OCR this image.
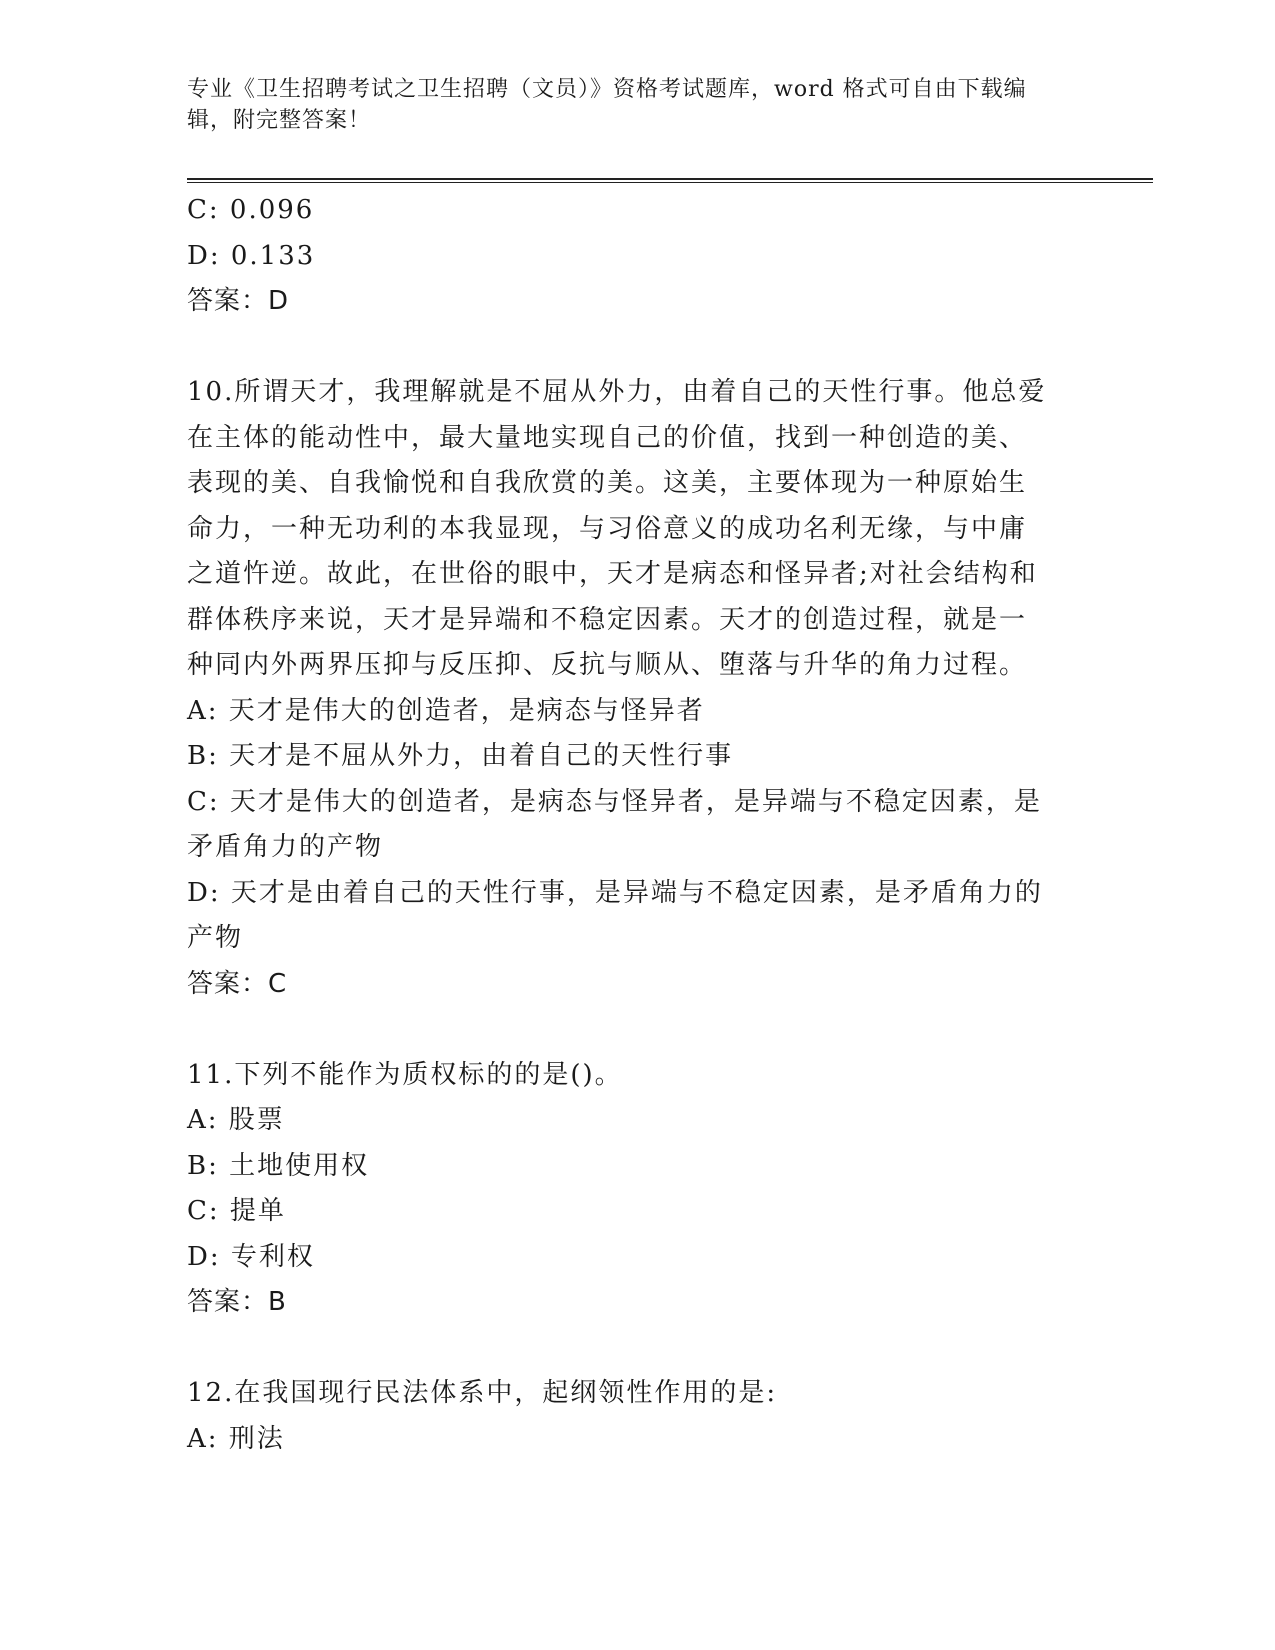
专业《卫生招聘考试之卫生招聘（文员）》资格考试题库，word 格式可自由下载编辑，附完整答案！
C: 0.096
D: 0.133
答案：D
10.所谓天才，我理解就是不屈从外力，由着自己的天性行事。他总爱
在主体的能动性中，最大量地实现自己的价值，找到一种创造的美、
表现的美、自我愉悦和自我欣赏的美。这美，主要体现为一种原始生
命力，一种无功利的本我显现，与习俗意义的成功名利无缘，与中庸
之道忤逆。故此，在世俗的眼中，天才是病态和怪异者;对社会结构和
群体秩序来说，天才是异端和不稳定因素。天才的创造过程，就是一
种同内外两界压抑与反压抑、反抗与顺从、堕落与升华的角力过程。
A: 天才是伟大的创造者，是病态与怪异者
B: 天才是不屈从外力，由着自己的天性行事
C: 天才是伟大的创造者，是病态与怪异者，是异端与不稳定因素，是
矛盾角力的产物
D: 天才是由着自己的天性行事，是异端与不稳定因素，是矛盾角力的
产物
答案：C
11.下列不能作为质权标的的是()。
A: 股票
B: 土地使用权
C: 提单
D: 专利权
答案：B
12.在我国现行民法体系中，起纲领性作用的是:
A: 刑法
